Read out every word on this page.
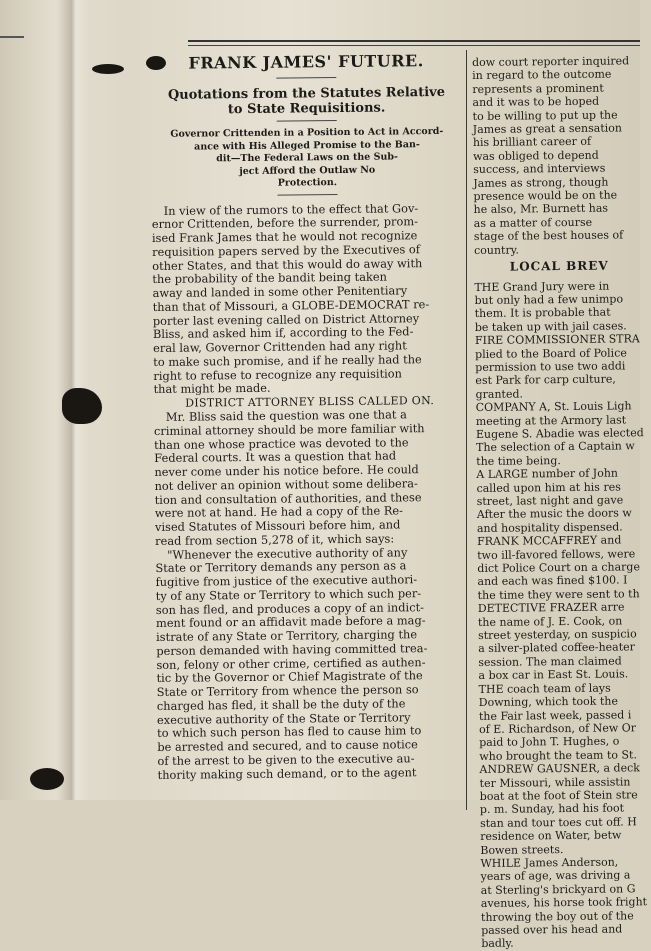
FRANK JAMES' FUTURE.
Quotations from the Statutes Relative
to State Requisitions.
Governor Crittenden in a Position to Act in Accord-
ance with His Alleged Promise to the Ban-
dit—The Federal Laws on the Sub-
ject Afford the Outlaw No
Protection.
In view of the rumors to the effect that Gov-
ernor Crittenden, before the surrender, prom-
ised Frank James that he would not recognize
requisition papers served by the Executives of
other States, and that this would do away with
the probability of the bandit being taken
away and landed in some other Penitentiary
than that of Missouri, a GLOBE-DEMOCRAT re-
porter last evening called on District Attorney
Bliss, and asked him if, according to the Fed-
eral law, Governor Crittenden had any right
to make such promise, and if he really had the
right to refuse to recognize any requisition
that might be made.
DISTRICT ATTORNEY BLISS CALLED ON.
Mr. Bliss said the question was one that a
criminal attorney should be more familiar with
than one whose practice was devoted to the
Federal courts. It was a question that had
never come under his notice before. He could
not deliver an opinion without some delibera-
tion and consultation of authorities, and these
were not at hand. He had a copy of the Re-
vised Statutes of Missouri before him, and
read from section 5,278 of it, which says:
"Whenever the executive authority of any
State or Territory demands any person as a
fugitive from justice of the executive authori-
ty of any State or Territory to which such per-
son has fled, and produces a copy of an indict-
ment found or an affidavit made before a mag-
istrate of any State or Territory, charging the
person demanded with having committed trea-
son, felony or other crime, certified as authen-
tic by the Governor or Chief Magistrate of the
State or Territory from whence the person so
charged has fled, it shall be the duty of the
executive authority of the State or Territory
to which such person has fled to cause him to
be arrested and secured, and to cause notice
of the arrest to be given to the executive au-
thority making such demand, or to the agent
dow court reporter inquired
in regard to the outcome
represents a prominent
and it was to be hoped
to be willing to put up the
James as great a sensation
his brilliant career of
was obliged to depend
success, and interviews
James as strong, though
presence would be on the
he also, Mr. Burnett has
as a matter of course
stage of the best houses of
country.
LOCAL BREV
THE Grand Jury were in
but only had a few unimpo
them. It is probable that
be taken up with jail cases.
FIRE COMMISSIONER STRA
plied to the Board of Police
permission to use two addi
est Park for carp culture,
granted.
COMPANY A, St. Louis Ligh
meeting at the Armory last
Eugene S. Abadie was elected
The selection of a Captain w
the time being.
A LARGE number of John
called upon him at his res
street, last night and gave
After the music the doors w
and hospitality dispensed.
FRANK MCCAFFREY and
two ill-favored fellows, were
dict Police Court on a charge
and each was fined $100. I
the time they were sent to th
DETECTIVE FRAZER arre
the name of J. E. Cook, on
street yesterday, on suspicio
a silver-plated coffee-heater
session. The man claimed
a box car in East St. Louis.
THE coach team of lays
Downing, which took the
the Fair last week, passed i
of E. Richardson, of New Or
paid to John T. Hughes, o
who brought the team to St.
ANDREW GAUSNER, a deck
ter Missouri, while assistin
boat at the foot of Stein stre
p. m. Sunday, had his foot
stan and tour toes cut off. H
residence on Water, betw
Bowen streets.
WHILE James Anderson,
years of age, was driving a
at Sterling's brickyard on G
avenues, his horse took fright
throwing the boy out of the
passed over his head and
badly.
